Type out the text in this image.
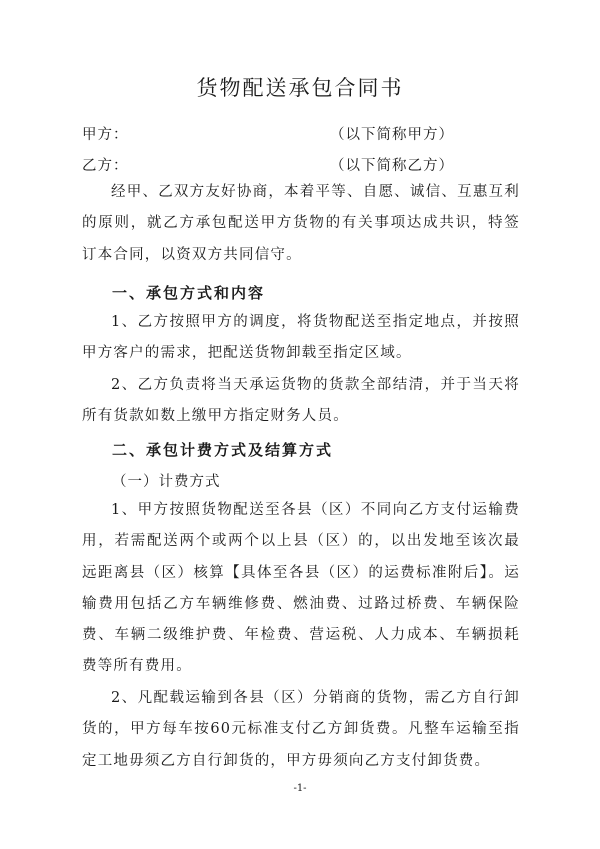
货物配送承包合同书
甲方：	（以下简称甲方）
乙方：	（以下简称乙方）

经甲、乙双方友好协商，本着平等、自愿、诚信、互惠互利的原则，就乙方承包配送甲方货物的有关事项达成共识，特签订本合同，以资双方共同信守。

一、承包方式和内容

1、乙方按照甲方的调度，将货物配送至指定地点，并按照甲方客户的需求，把配送货物卸载至指定区域。

2、乙方负责将当天承运货物的货款全部结清，并于当天将所有货款如数上缴甲方指定财务人员。

二、承包计费方式及结算方式
（一）计费方式

1、甲方按照货物配送至各县（区）不同向乙方支付运输费用，若需配送两个或两个以上县（区）的，以出发地至该次最远距离县（区）核算【具体至各县（区）的运费标准附后】。运输费用包括乙方车辆维修费、燃油费、过路过桥费、车辆保险费、车辆二级维护费、年检费、营运税、人力成本、车辆损耗费等所有费用。

2、凡配载运输到各县（区）分销商的货物，需乙方自行卸货的，甲方每车按60元标准支付乙方卸货费。凡整车运输至指定工地毋须乙方自行卸货的，甲方毋须向乙方支付卸货费。

-1-
